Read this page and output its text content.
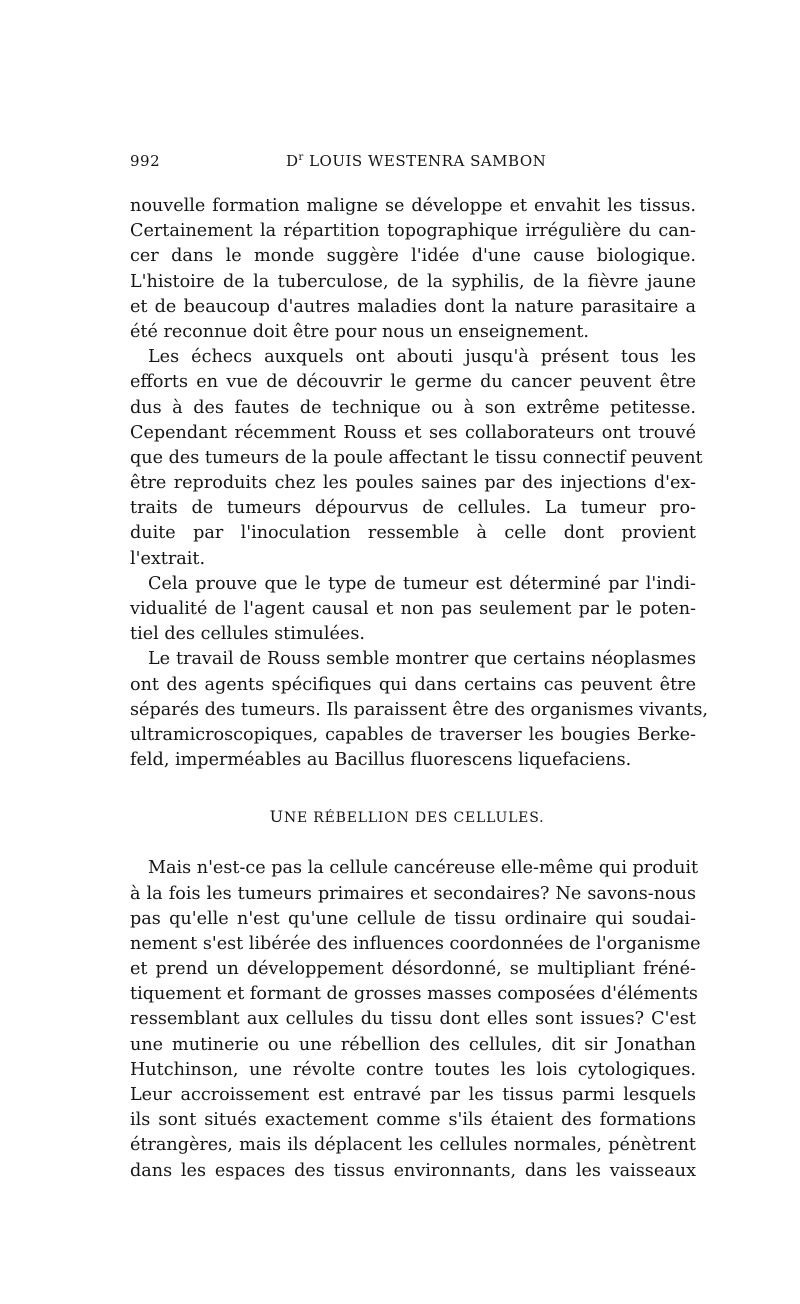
992	$D^r$ LOUIS WESTENRA SAMBON
nouvelle formation maligne se développe et envahit les tissus.
Certainement la répartition topographique irrégulière du can-
cer dans le monde suggère l'idée d'une cause biologique.
L'histoire de la tuberculose, de la syphilis, de la fièvre jaune
et de beaucoup d'autres maladies dont la nature parasitaire a
été reconnue doit être pour nous un enseignement.
Les échecs auxquels ont abouti jusqu'à présent tous les
efforts en vue de découvrir le germe du cancer peuvent être
dus à des fautes de technique ou à son extrême petitesse.
Cependant récemment Rouss et ses collaborateurs ont trouvé
que des tumeurs de la poule affectant le tissu connectif peuvent
être reproduits chez les poules saines par des injections d'ex-
traits de tumeurs dépourvus de cellules. La tumeur pro-
duite par l'inoculation ressemble à celle dont provient
l'extrait.
Cela prouve que le type de tumeur est déterminé par l'indi-
vidualité de l'agent causal et non pas seulement par le poten-
tiel des cellules stimulées.
Le travail de Rouss semble montrer que certains néoplasmes
ont des agents spécifiques qui dans certains cas peuvent être
séparés des tumeurs. Ils paraissent être des organismes vivants,
ultramicroscopiques, capables de traverser les bougies Berke-
feld, imperméables au Bacillus fluorescens liquefaciens.
UNE RÉBELLION DES CELLULES.
Mais n'est-ce pas la cellule cancéreuse elle-même qui produit
à la fois les tumeurs primaires et secondaires? Ne savons-nous
pas qu'elle n'est qu'une cellule de tissu ordinaire qui soudai-
nement s'est libérée des influences coordonnées de l'organisme
et prend un développement désordonné, se multipliant fréné-
tiquement et formant de grosses masses composées d'éléments
ressemblant aux cellules du tissu dont elles sont issues? C'est
une mutinerie ou une rébellion des cellules, dit sir Jonathan
Hutchinson, une révolte contre toutes les lois cytologiques.
Leur accroissement est entravé par les tissus parmi lesquels
ils sont situés exactement comme s'ils étaient des formations
étrangères, mais ils déplacent les cellules normales, pénètrent
dans les espaces des tissus environnants, dans les vaisseaux
